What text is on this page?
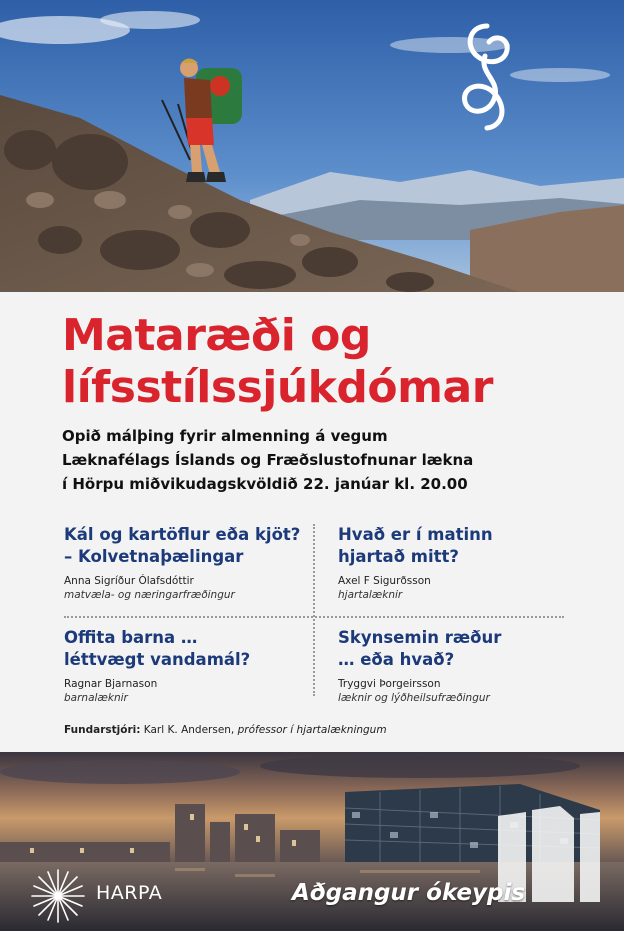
Mataræði og
lífsstílssjúkdómar
Opið málþing fyrir almenning á vegum
Læknafélags Íslands og Fræðslustofnunar lækna
í Hörpu miðvikudagskvöldið 22. janúar kl. 20.00
Kál og kartöflur eða kjöt?
– Kolvetnaþælingar
Anna Sigríður Ólafsdóttir
matvæla- og næringarfræðingur
Hvað er í matinn
hjartað mitt?
Axel F Sigurðsson
hjartalæknir
Offita barna …
léttvægt vandamál?
Ragnar Bjarnason
barnalæknir
Skynsemin ræður
… eða hvað?
Tryggvi Þorgeirsson
læknir og lýðheilsufræðingur
Fundarstjóri: Karl K. Andersen, prófessor í hjartalækningum
HARPA	Aðgangur ókeypis
